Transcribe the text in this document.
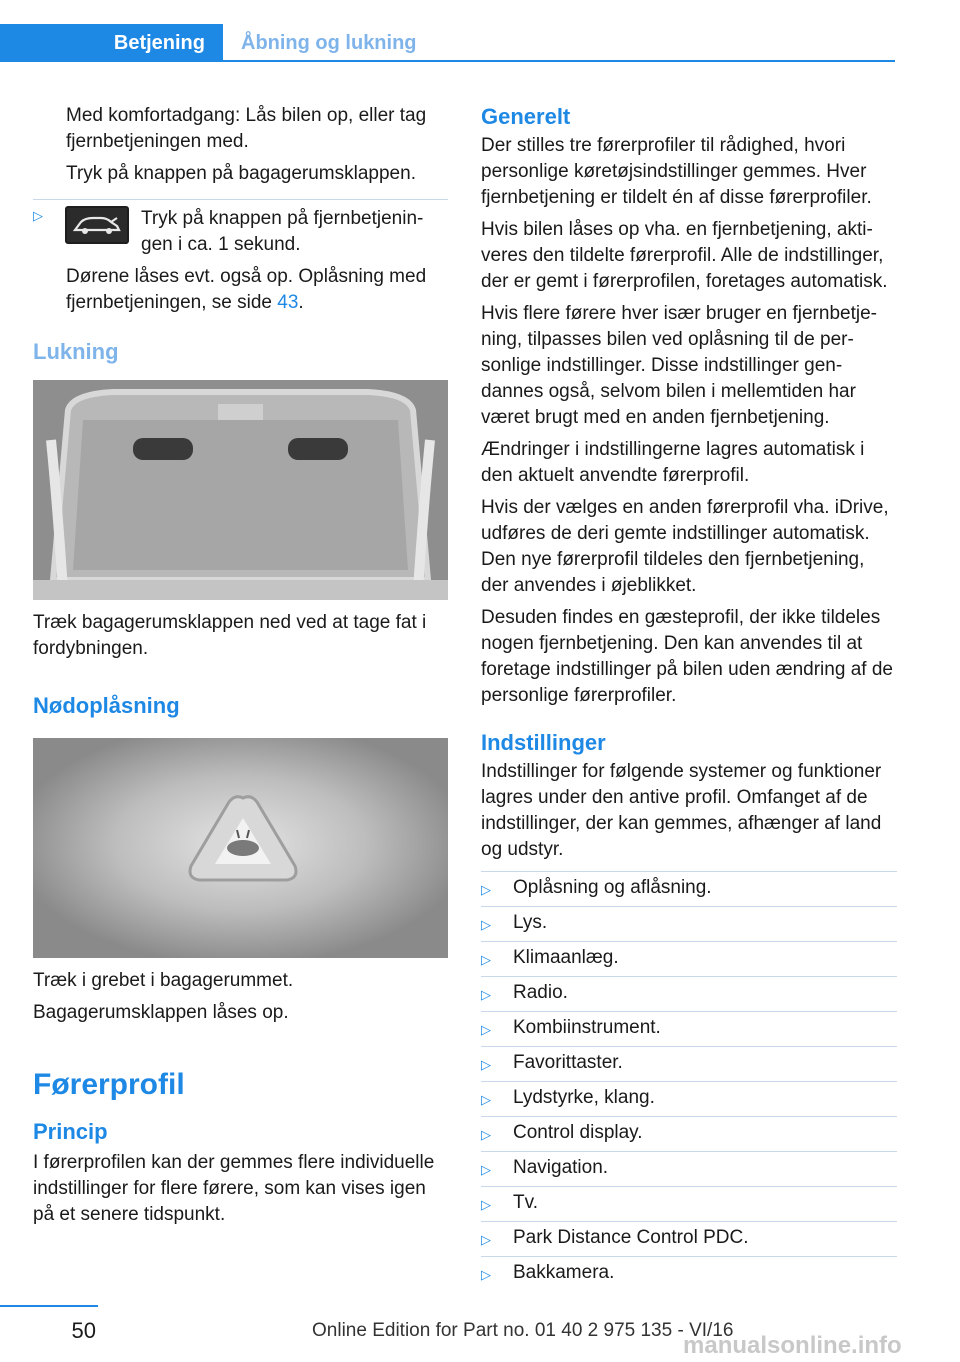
Betjening	Åbning og lukning

Med komfortadgang: Lås bilen op, eller tag fjernbetjeningen med.

Tryk på knappen på bagagerumsklappen.

▷	Tryk på knappen på fjernbetjeningen i ca. 1 sekund.

Dørene låses evt. også op. Oplåsning med fjernbetjeningen, se side 43.

Lukning

Træk bagagerumsklappen ned ved at tage fat i fordybningen.

Nødoplåsning

Træk i grebet i bagagerummet.

Bagagerumsklappen låses op.

Førerprofil
Princip

I førerprofilen kan der gemmes flere individuelle indstillinger for flere førere, som kan vises igen på et senere tidspunkt.

Generelt

Der stilles tre førerprofiler til rådighed, hvori personlige køretøjsindstillinger gemmes. Hver fjernbetjening er tildelt én af disse førerprofiler.

Hvis bilen låses op vha. en fjernbetjening, aktiveres den tildelte førerprofil. Alle de indstillinger, der er gemt i førerprofilen, foretages automatisk.

Hvis flere førere hver især bruger en fjernbetjening, tilpasses bilen ved oplåsning til de personlige indstillinger. Disse indstillinger gendannes også, selvom bilen i mellemtiden har været brugt med en anden fjernbetjening.

Ændringer i indstillingerne lagres automatisk i den aktuelt anvendte førerprofil.

Hvis der vælges en anden førerprofil vha. iDrive, udføres de deri gemte indstillinger automatisk. Den nye førerprofil tildeles den fjernbetjening, der anvendes i øjeblikket.

Desuden findes en gæsteprofil, der ikke tildeles nogen fjernbetjening. Den kan anvendes til at foretage indstillinger på bilen uden ændring af de personlige førerprofiler.

Indstillinger

Indstillinger for følgende systemer og funktioner lagres under den antive profil. Omfanget af de indstillinger, der kan gemmes, afhænger af land og udstyr.

▷	Oplåsning og aflåsning.
▷	Lys.
▷	Klimaanlæg.
▷	Radio.
▷	Kombiinstrument.
▷	Favorittaster.
▷	Lydstyrke, klang.
▷	Control display.
▷	Navigation.
▷	Tv.
▷	Park Distance Control PDC.
▷	Bakkamera.
50	Online Edition for Part no. 01 40 2 975 135 - VI/16
manualsonline.info
